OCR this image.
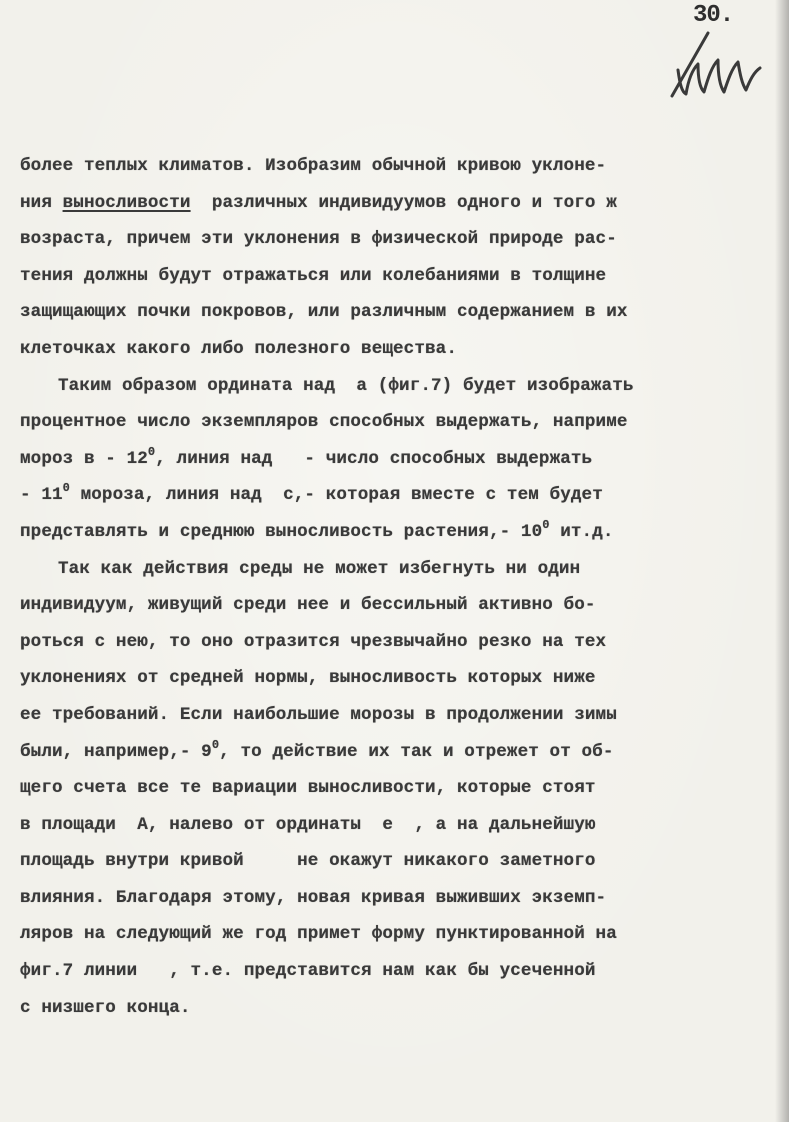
30.
более теплых климатов. Изобразим обычной кривою уклоне-
ния выносливости  различных индивидуумов одного и того ж
возраста, причем эти уклонения в физической природе рас-
тения должны будут отражаться или колебаниями в толщине
защищающих почки покровов, или различным содержанием в их
клеточках какого либо полезного вещества.
Таким образом ордината над  а (фиг.7) будет изображать
процентное число экземпляров способных выдержать, наприме
мороз в - $12^0$, линия над   - число способных выдержать
- $11^0$ мороза, линия над  с,- которая вместе с тем будет
представлять и среднюю выносливость растения,- $10^0$ ит.д.
Так как действия среды не может избегнуть ни один
индивидуум, живущий среди нее и бессильный активно бо-
роться с нею, то оно отразится чрезвычайно резко на тех
уклонениях от средней нормы, выносливость которых ниже
ее требований. Если наибольшие морозы в продолжении зимы
были, например,- $9^0$, то действие их так и отрежет от об-
щего счета все те вариации выносливости, которые стоят
в площади  А, налево от ординаты  е  , а на дальнейшую
площадь внутри кривой     не окажут никакого заметного
влияния. Благодаря этому, новая кривая выживших экземп-
ляров на следующий же год примет форму пунктированной на
фиг.7 линии   , т.е. представится нам как бы усеченной
с низшего конца.
